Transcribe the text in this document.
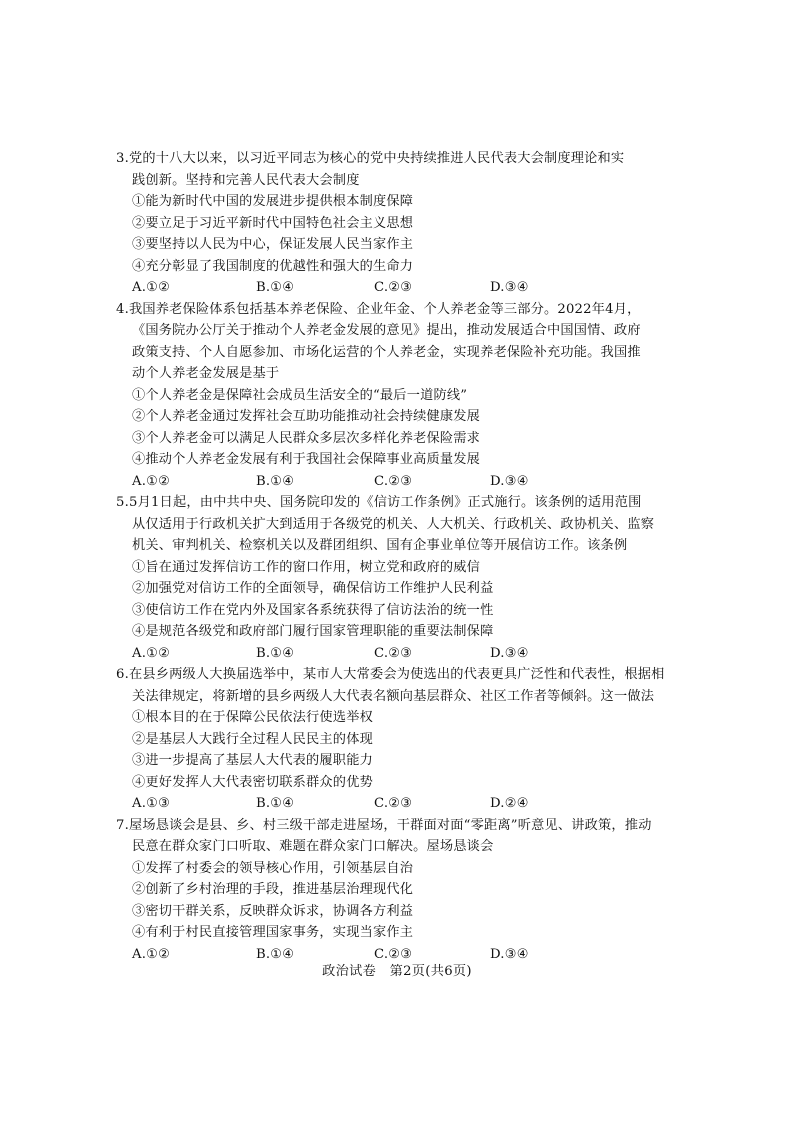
3.党的十八大以来，以习近平同志为核心的党中央持续推进人民代表大会制度理论和实
践创新。坚持和完善人民代表大会制度
①能为新时代中国的发展进步提供根本制度保障
②要立足于习近平新时代中国特色社会主义思想
③要坚持以人民为中心，保证发展人民当家作主
④充分彰显了我国制度的优越性和强大的生命力
A.①②	B.①④	C.②③	D.③④
4.我国养老保险体系包括基本养老保险、企业年金、个人养老金等三部分。2022年4月，
《国务院办公厅关于推动个人养老金发展的意见》提出，推动发展适合中国国情、政府
政策支持、个人自愿参加、市场化运营的个人养老金，实现养老保险补充功能。我国推
动个人养老金发展是基于
①个人养老金是保障社会成员生活安全的“最后一道防线”
②个人养老金通过发挥社会互助功能推动社会持续健康发展
③个人养老金可以满足人民群众多层次多样化养老保险需求
④推动个人养老金发展有利于我国社会保障事业高质量发展
A.①②	B.①④	C.②③	D.③④
5.5月1日起，由中共中央、国务院印发的《信访工作条例》正式施行。该条例的适用范围
从仅适用于行政机关扩大到适用于各级党的机关、人大机关、行政机关、政协机关、监察
机关、审判机关、检察机关以及群团组织、国有企事业单位等开展信访工作。该条例
①旨在通过发挥信访工作的窗口作用，树立党和政府的威信
②加强党对信访工作的全面领导，确保信访工作维护人民利益
③使信访工作在党内外及国家各系统获得了信访法治的统一性
④是规范各级党和政府部门履行国家管理职能的重要法制保障
A.①②	B.①④	C.②③	D.③④
6.在县乡两级人大换届选举中，某市人大常委会为使选出的代表更具广泛性和代表性，根据相
关法律规定，将新增的县乡两级人大代表名额向基层群众、社区工作者等倾斜。这一做法
①根本目的在于保障公民依法行使选举权
②是基层人大践行全过程人民民主的体现
③进一步提高了基层人大代表的履职能力
④更好发挥人大代表密切联系群众的优势
A.①③	B.①④	C.②③	D.②④
7.屋场恳谈会是县、乡、村三级干部走进屋场，干群面对面“零距离”听意见、讲政策，推动
民意在群众家门口听取、难题在群众家门口解决。屋场恳谈会
①发挥了村委会的领导核心作用，引领基层自治
②创新了乡村治理的手段，推进基层治理现代化
③密切干群关系，反映群众诉求，协调各方利益
④有利于村民直接管理国家事务，实现当家作主
A.①②	B.①④	C.②③	D.③④
政治试卷　第2页(共6页)
